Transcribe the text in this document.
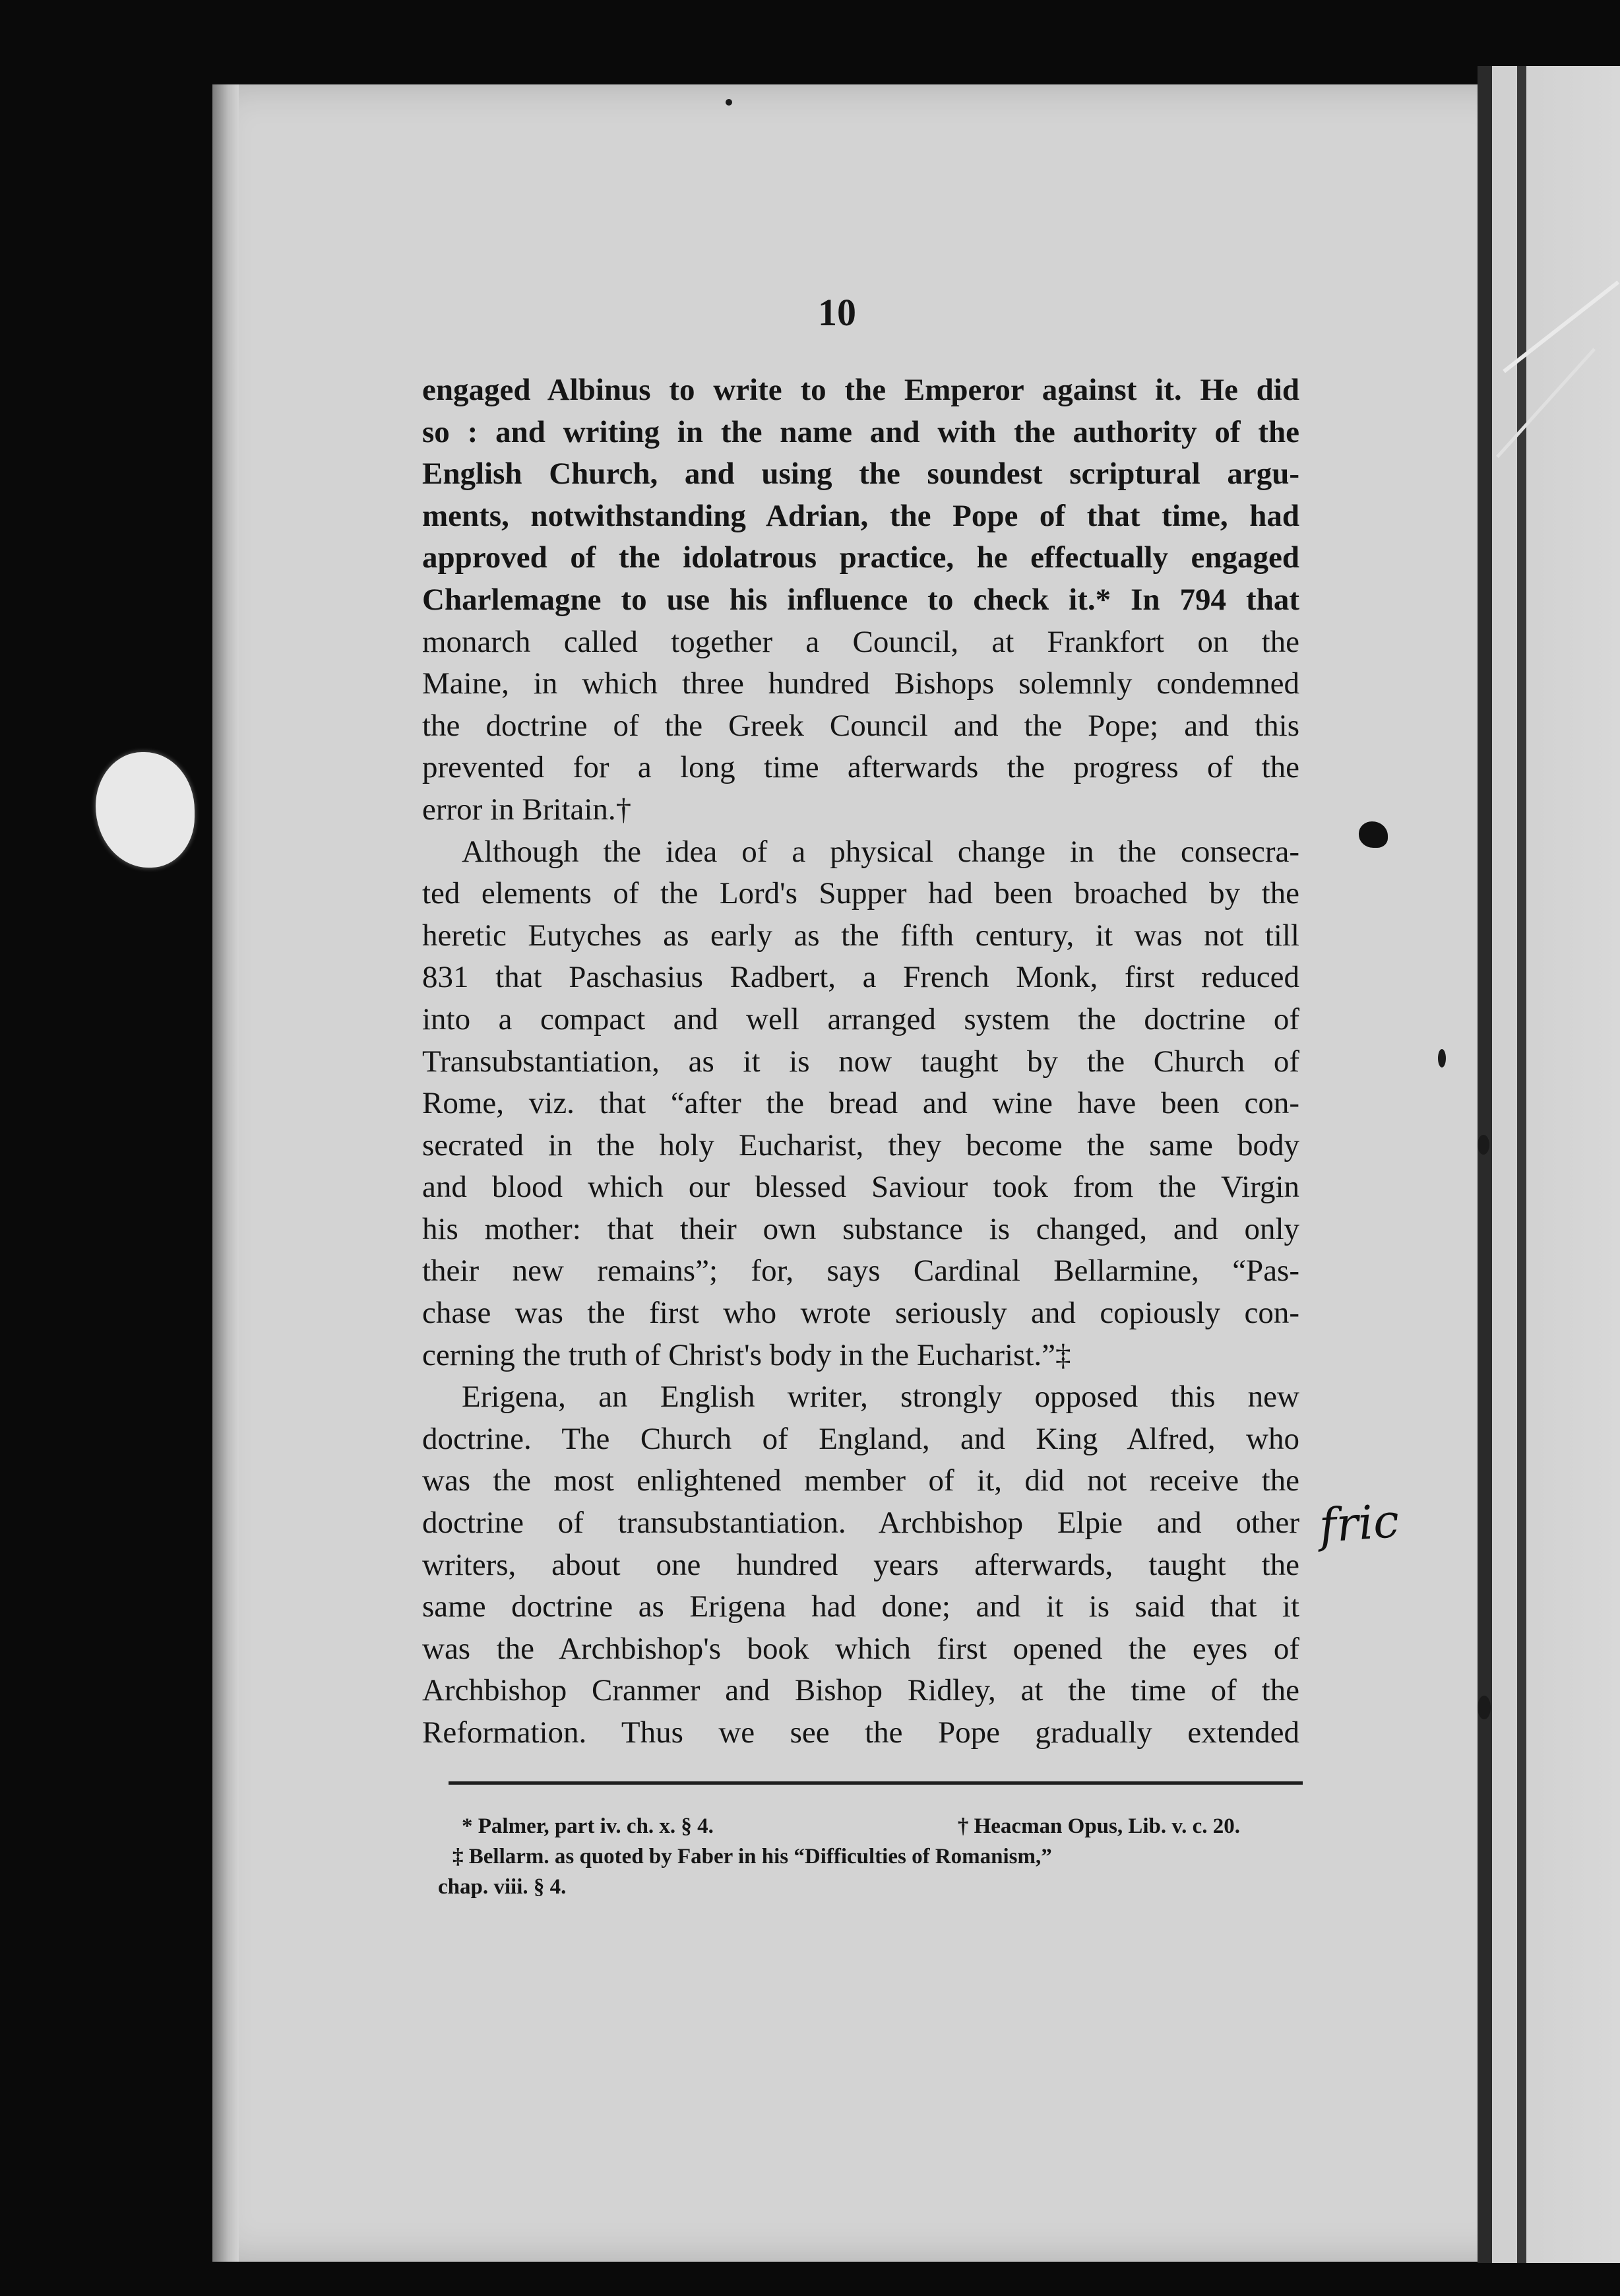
10
engaged Albinus to write to the Emperor against it. He did
so : and writing in the name and with the authority of the
English Church, and using the soundest scriptural argu-
ments, notwithstanding Adrian, the Pope of that time, had
approved of the idolatrous practice, he effectually engaged
Charlemagne to use his influence to check it.* In 794 that
monarch called together a Council, at Frankfort on the
Maine, in which three hundred Bishops solemnly condemned
the doctrine of the Greek Council and the Pope; and this
prevented for a long time afterwards the progress of the
error in Britain.†
Although the idea of a physical change in the consecra-
ted elements of the Lord's Supper had been broached by the
heretic Eutyches as early as the fifth century, it was not till
831 that Paschasius Radbert, a French Monk, first reduced
into a compact and well arranged system the doctrine of
Transubstantiation, as it is now taught by the Church of
Rome, viz. that “after the bread and wine have been con-
secrated in the holy Eucharist, they become the same body
and blood which our blessed Saviour took from the Virgin
his mother: that their own substance is changed, and only
their new remains”; for, says Cardinal Bellarmine, “Pas-
chase was the first who wrote seriously and copiously con-
cerning the truth of Christ's body in the Eucharist.”‡
Erigena, an English writer, strongly opposed this new
doctrine. The Church of England, and King Alfred, who
was the most enlightened member of it, did not receive the
doctrine of transubstantiation. Archbishop Elpie and other
writers, about one hundred years afterwards, taught the
same doctrine as Erigena had done; and it is said that it
was the Archbishop's book which first opened the eyes of
Archbishop Cranmer and Bishop Ridley, at the time of the
Reformation. Thus we see the Pope gradually extended
* Palmer, part iv. ch. x. § 4.	† Heacman Opus, Lib. v. c. 20.
‡ Bellarm. as quoted by Faber in his “Difficulties of Romanism,”
chap. viii. § 4.
fric
